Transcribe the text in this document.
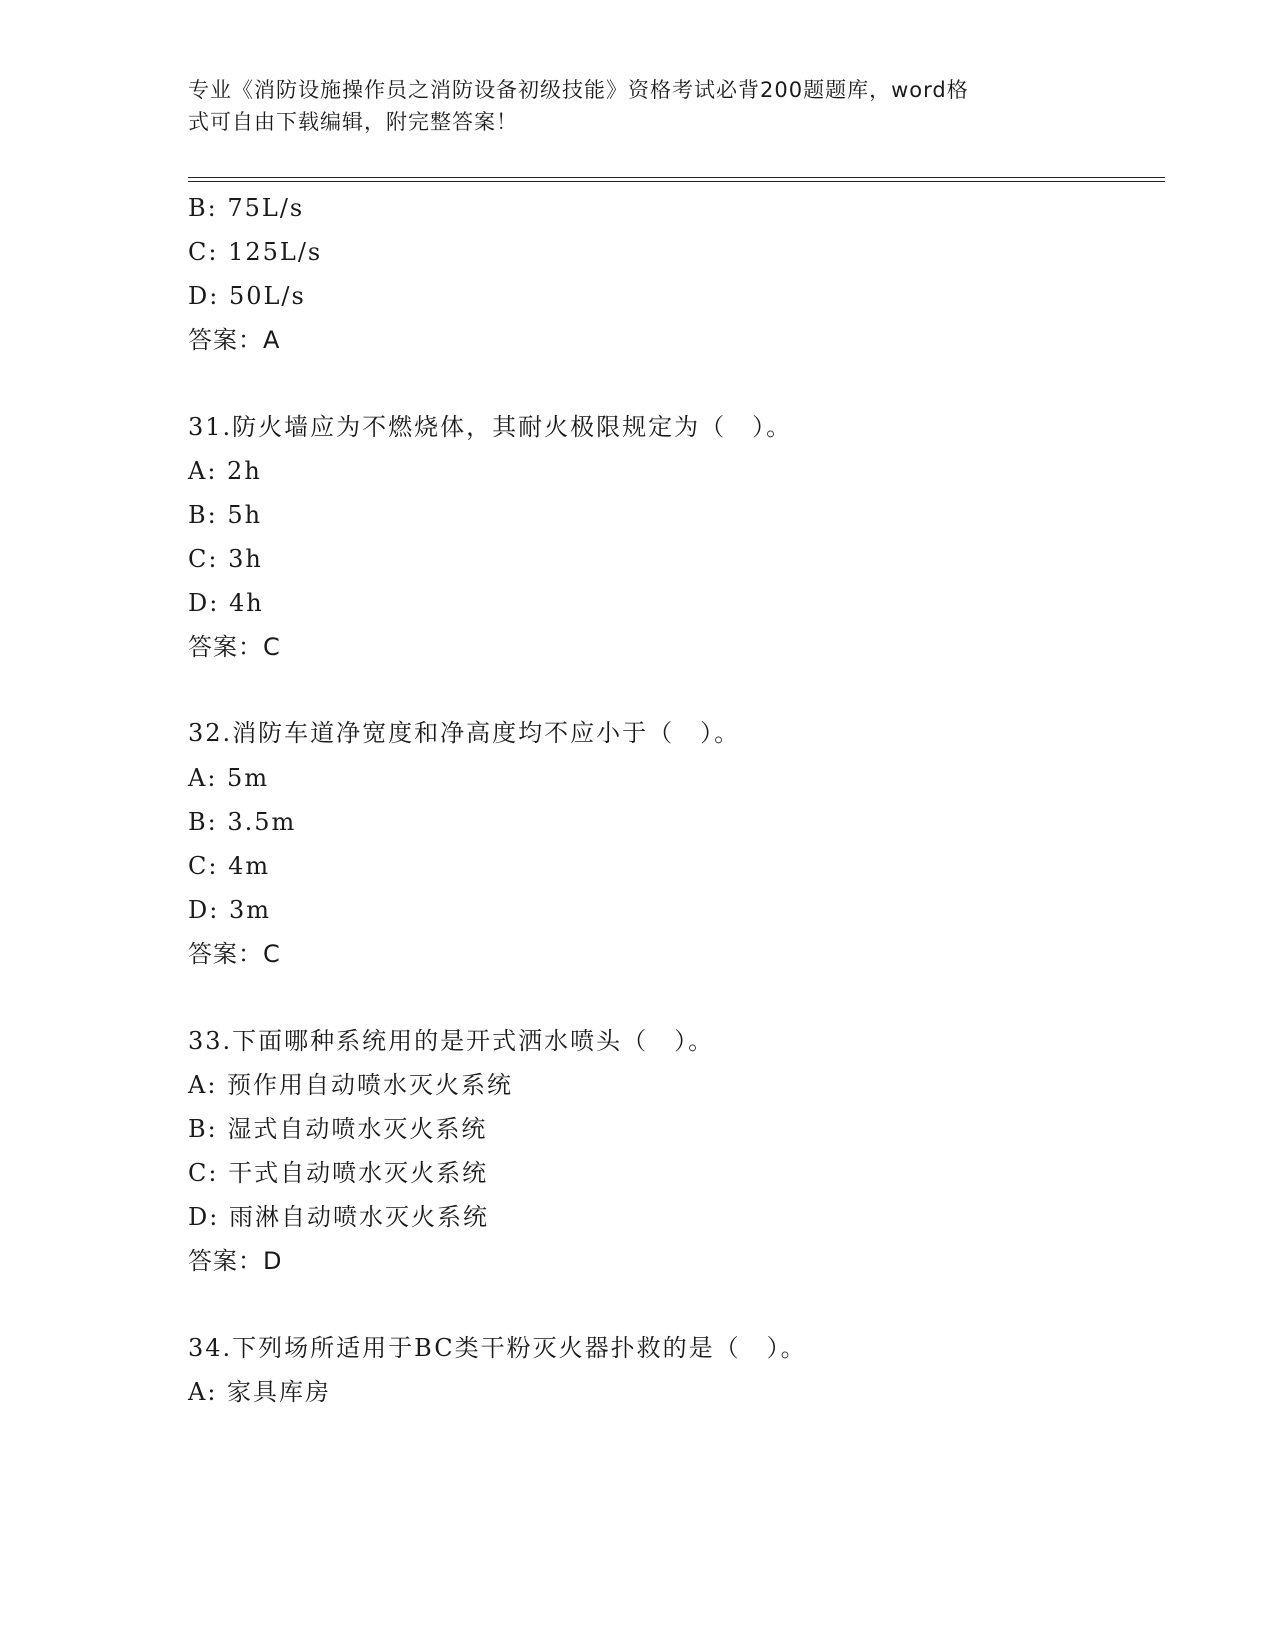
专业《消防设施操作员之消防设备初级技能》资格考试必背200题题库，word格
式可自由下载编辑，附完整答案！
B: 75L/s
C: 125L/s
D: 50L/s
答案：A
31.防火墙应为不燃烧体，其耐火极限规定为（　）。
A: 2h
B: 5h
C: 3h
D: 4h
答案：C
32.消防车道净宽度和净高度均不应小于（　）。
A: 5m
B: 3.5m
C: 4m
D: 3m
答案：C
33.下面哪种系统用的是开式洒水喷头（　）。
A: 预作用自动喷水灭火系统
B: 湿式自动喷水灭火系统
C: 干式自动喷水灭火系统
D: 雨淋自动喷水灭火系统
答案：D
34.下列场所适用于BC类干粉灭火器扑救的是（　）。
A: 家具库房
